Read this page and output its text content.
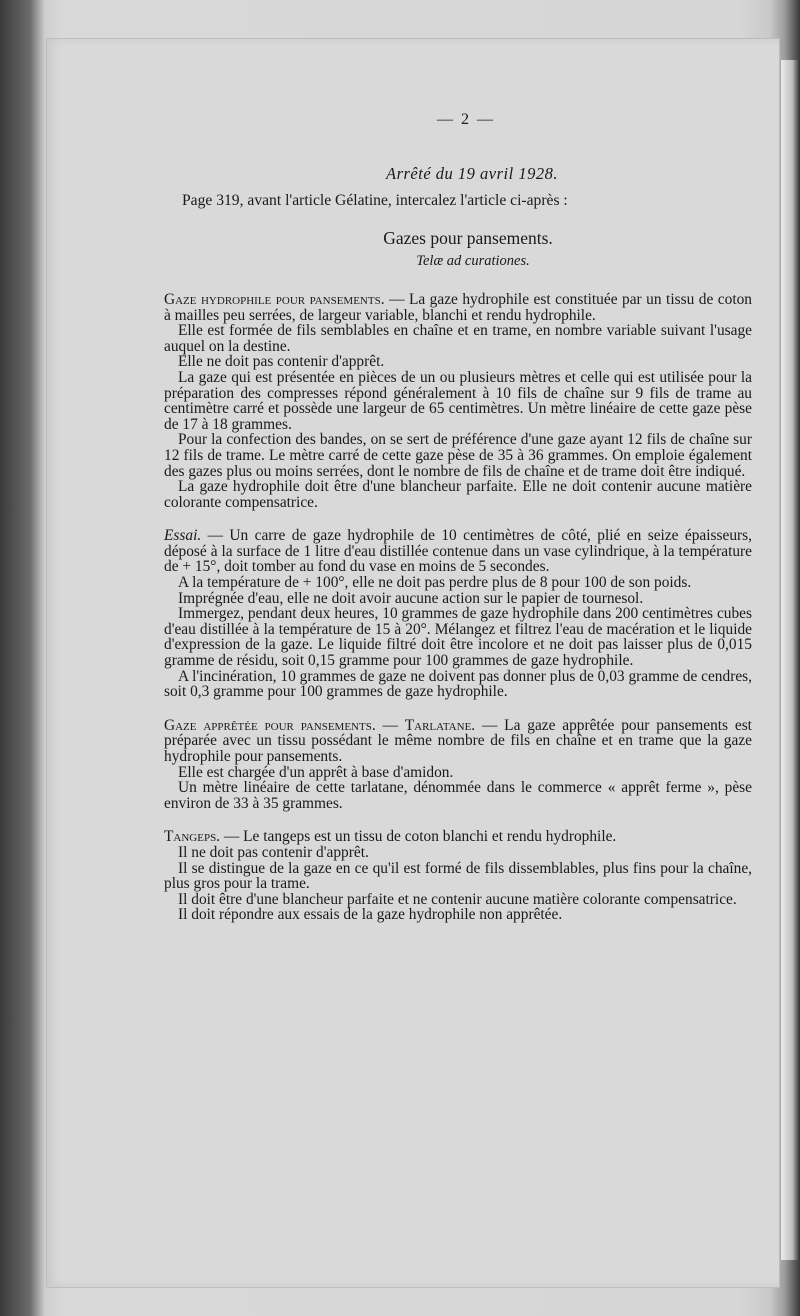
— 2 —
Arrêté du 19 avril 1928.
Page 319, avant l'article Gélatine, intercalez l'article ci-après :
Gazes pour pansements.
Telæ ad curationes.

Gaze hydrophile pour pansements. — La gaze hydrophile est constituée par un tissu de coton à mailles peu serrées, de largeur variable, blanchi et rendu hydrophile.

Elle est formée de fils semblables en chaîne et en trame, en nombre variable suivant l'usage auquel on la destine.

Elle ne doit pas contenir d'apprêt.

La gaze qui est présentée en pièces de un ou plusieurs mètres et celle qui est utilisée pour la préparation des compresses répond généralement à 10 fils de chaîne sur 9 fils de trame au centimètre carré et possède une largeur de 65 centimètres. Un mètre linéaire de cette gaze pèse de 17 à 18 grammes.

Pour la confection des bandes, on se sert de préférence d'une gaze ayant 12 fils de chaîne sur 12 fils de trame. Le mètre carré de cette gaze pèse de 35 à 36 grammes. On emploie également des gazes plus ou moins serrées, dont le nombre de fils de chaîne et de trame doit être indiqué.

La gaze hydrophile doit être d'une blancheur parfaite. Elle ne doit contenir aucune matière colorante compensatrice.

Essai. — Un carre de gaze hydrophile de 10 centimètres de côté, plié en seize épaisseurs, déposé à la surface de 1 litre d'eau distillée contenue dans un vase cylindrique, à la température de + 15°, doit tomber au fond du vase en moins de 5 secondes.

A la température de + 100°, elle ne doit pas perdre plus de 8 pour 100 de son poids.

Imprégnée d'eau, elle ne doit avoir aucune action sur le papier de tournesol.

Immergez, pendant deux heures, 10 grammes de gaze hydrophile dans 200 centimètres cubes d'eau distillée à la température de 15 à 20°. Mélangez et filtrez l'eau de macération et le liquide d'expression de la gaze. Le liquide filtré doit être incolore et ne doit pas laisser plus de 0,015 gramme de résidu, soit 0,15 gramme pour 100 grammes de gaze hydrophile.

A l'incinération, 10 grammes de gaze ne doivent pas donner plus de 0,03 gramme de cendres, soit 0,3 gramme pour 100 grammes de gaze hydrophile.

Gaze apprêtée pour pansements. — Tarlatane. — La gaze apprêtée pour pansements est préparée avec un tissu possédant le même nombre de fils en chaîne et en trame que la gaze hydrophile pour pansements.

Elle est chargée d'un apprêt à base d'amidon.

Un mètre linéaire de cette tarlatane, dénommée dans le commerce « apprêt ferme », pèse environ de 33 à 35 grammes.

Tangeps. — Le tangeps est un tissu de coton blanchi et rendu hydrophile.

Il ne doit pas contenir d'apprêt.

Il se distingue de la gaze en ce qu'il est formé de fils dissemblables, plus fins pour la chaîne, plus gros pour la trame.

Il doit être d'une blancheur parfaite et ne contenir aucune matière colorante compensatrice.

Il doit répondre aux essais de la gaze hydrophile non apprêtée.
